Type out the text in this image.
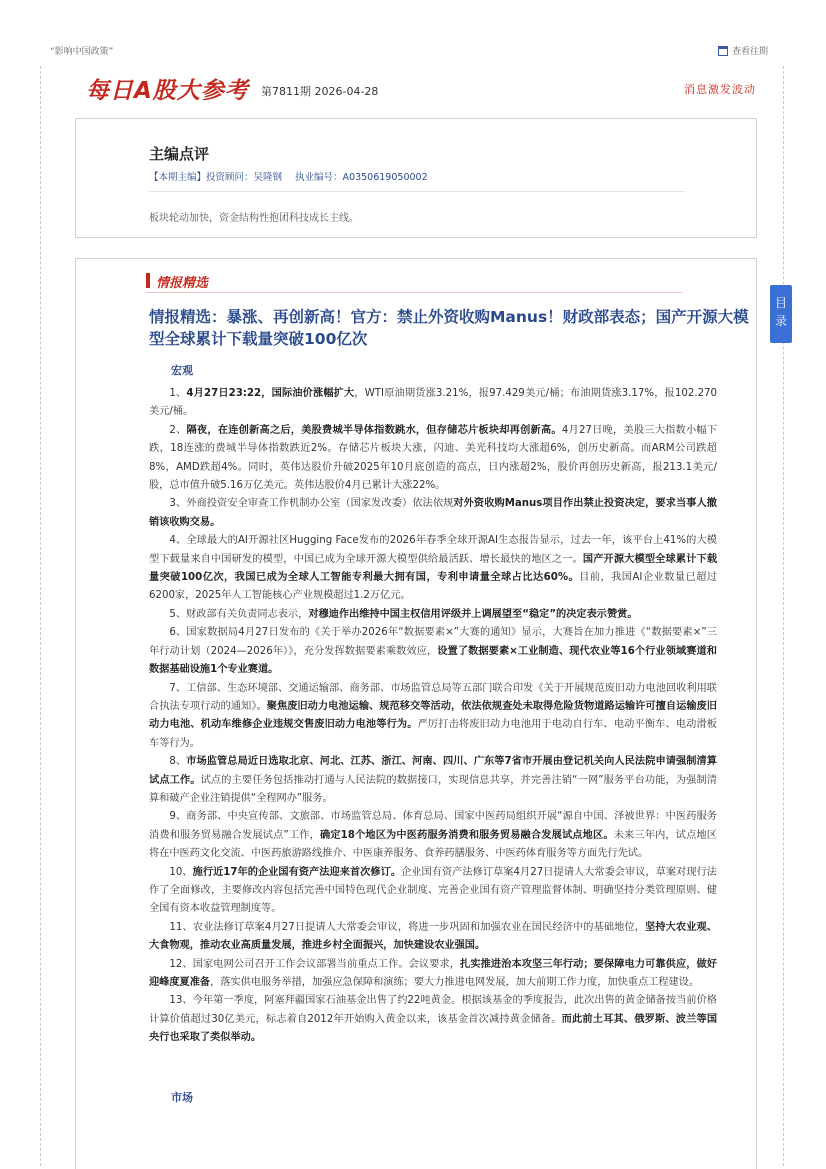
“影响中国政策”	查看往期
每日A股大参考 第7811期 2026-04-28	消息激发波动
主编点评
【本期主编】投资顾问：吴隆钢 执业编号：A0350619050002
板块轮动加快，资金结构性抱团科技成长主线。
情报精选
情报精选：暴涨、再创新高！官方：禁止外资收购Manus！财政部表态；国产开源大模型全球累计下载量突破100亿次
宏观

1、4月27日23:22，国际油价涨幅扩大，WTI原油期货涨3.21%，报97.429美元/桶；布油期货涨3.17%，报102.270美元/桶。

2、隔夜，在连创新高之后，美股费城半导体指数跳水，但存储芯片板块却再创新高。4月27日晚，美股三大指数小幅下跌，18连涨的费城半导体指数跌近2%。存储芯片板块大涨，闪迪、美光科技均大涨超6%，创历史新高。而ARM公司跌超8%，AMD跌超4%。同时，英伟达股价升破2025年10月底创造的高点，日内涨超2%，股价再创历史新高，报213.1美元/股，总市值升破5.16万亿美元。英伟达股价4月已累计大涨22%。

3、外商投资安全审查工作机制办公室（国家发改委）依法依规对外资收购Manus项目作出禁止投资决定，要求当事人撤销该收购交易。

4、全球最大的AI开源社区Hugging Face发布的2026年春季全球开源AI生态报告显示，过去一年，该平台上41%的大模型下载量来自中国研发的模型，中国已成为全球开源大模型供给最活跃、增长最快的地区之一。国产开源大模型全球累计下载量突破100亿次，我国已成为全球人工智能专利最大拥有国，专利申请量全球占比达60%。目前，我国AI企业数量已超过6200家，2025年人工智能核心产业规模超过1.2万亿元。

5、财政部有关负责同志表示，对穆迪作出维持中国主权信用评级并上调展望至“稳定”的决定表示赞赏。

6、国家数据局4月27日发布的《关于举办2026年“数据要素×”大赛的通知》显示，大赛旨在加力推进《“数据要素×”三年行动计划（2024—2026年）》，充分发挥数据要素乘数效应，设置了数据要素×工业制造、现代农业等16个行业领域赛道和数据基础设施1个专业赛道。

7、工信部、生态环境部、交通运输部、商务部、市场监管总局等五部门联合印发《关于开展规范废旧动力电池回收利用联合执法专项行动的通知》。聚焦废旧动力电池运输、规范移交等活动，依法依规查处未取得危险货物道路运输许可擅自运输废旧动力电池、机动车维修企业违规交售废旧动力电池等行为。严厉打击将废旧动力电池用于电动自行车、电动平衡车、电动滑板车等行为。

8、市场监管总局近日选取北京、河北、江苏、浙江、河南、四川、广东等7省市开展由登记机关向人民法院申请强制清算试点工作。试点的主要任务包括推动打通与人民法院的数据接口，实现信息共享，并完善注销“一网”服务平台功能，为强制清算和破产企业注销提供“全程网办”服务。

9、商务部、中央宣传部、文旅部、市场监管总局、体育总局、国家中医药局组织开展“源自中国、泽被世界：中医药服务消费和服务贸易融合发展试点”工作，确定18个地区为中医药服务消费和服务贸易融合发展试点地区。未来三年内，试点地区将在中医药文化交流、中医药旅游路线推介、中医康养服务、食养药膳服务、中医药体育服务等方面先行先试。

10、施行近17年的企业国有资产法迎来首次修订。企业国有资产法修订草案4月27日提请人大常委会审议，草案对现行法作了全面修改，主要修改内容包括完善中国特色现代企业制度、完善企业国有资产管理监督体制、明确坚持分类管理原则、健全国有资本收益管理制度等。

11、农业法修订草案4月27日提请人大常委会审议，将进一步巩固和加强农业在国民经济中的基础地位，坚持大农业观、大食物观，推动农业高质量发展，推进乡村全面振兴，加快建设农业强国。

12、国家电网公司召开工作会议部署当前重点工作。会议要求，扎实推进治本攻坚三年行动；要保障电力可靠供应，做好迎峰度夏准备，落实供电服务举措，加强应急保障和演练；要大力推进电网发展，加大前期工作力度，加快重点工程建设。

13、今年第一季度，阿塞拜疆国家石油基金出售了约22吨黄金。根据该基金的季度报告，此次出售的黄金储备按当前价格计算价值超过30亿美元，标志着自2012年开始购入黄金以来，该基金首次减持黄金储备。而此前土耳其、俄罗斯、波兰等国央行也采取了类似举动。

市场
目录
